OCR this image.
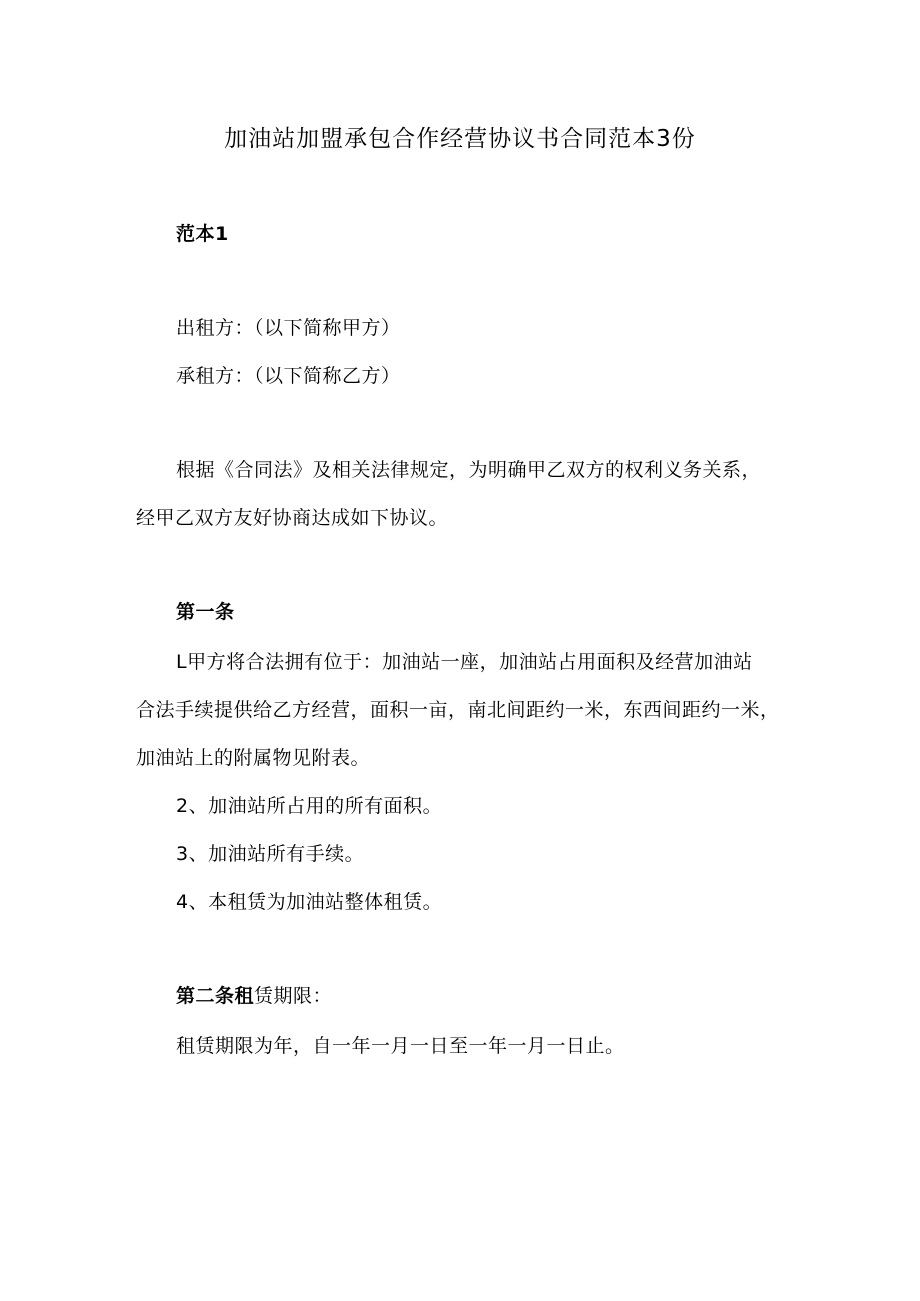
加油站加盟承包合作经营协议书合同范本3份
范本1
出租方：（以下简称甲方）
承租方：（以下简称乙方）
根据《合同法》及相关法律规定，为明确甲乙双方的权利义务关系，
经甲乙双方友好协商达成如下协议。
第一条
L甲方将合法拥有位于：加油站一座，加油站占用面积及经营加油站
合法手续提供给乙方经营，面积一亩，南北间距约一米，东西间距约一米，
加油站上的附属物见附表。
2、加油站所占用的所有面积。
3、加油站所有手续。
4、本租赁为加油站整体租赁。
第二条租赁期限：
租赁期限为年，自一年一月一日至一年一月一日止。
